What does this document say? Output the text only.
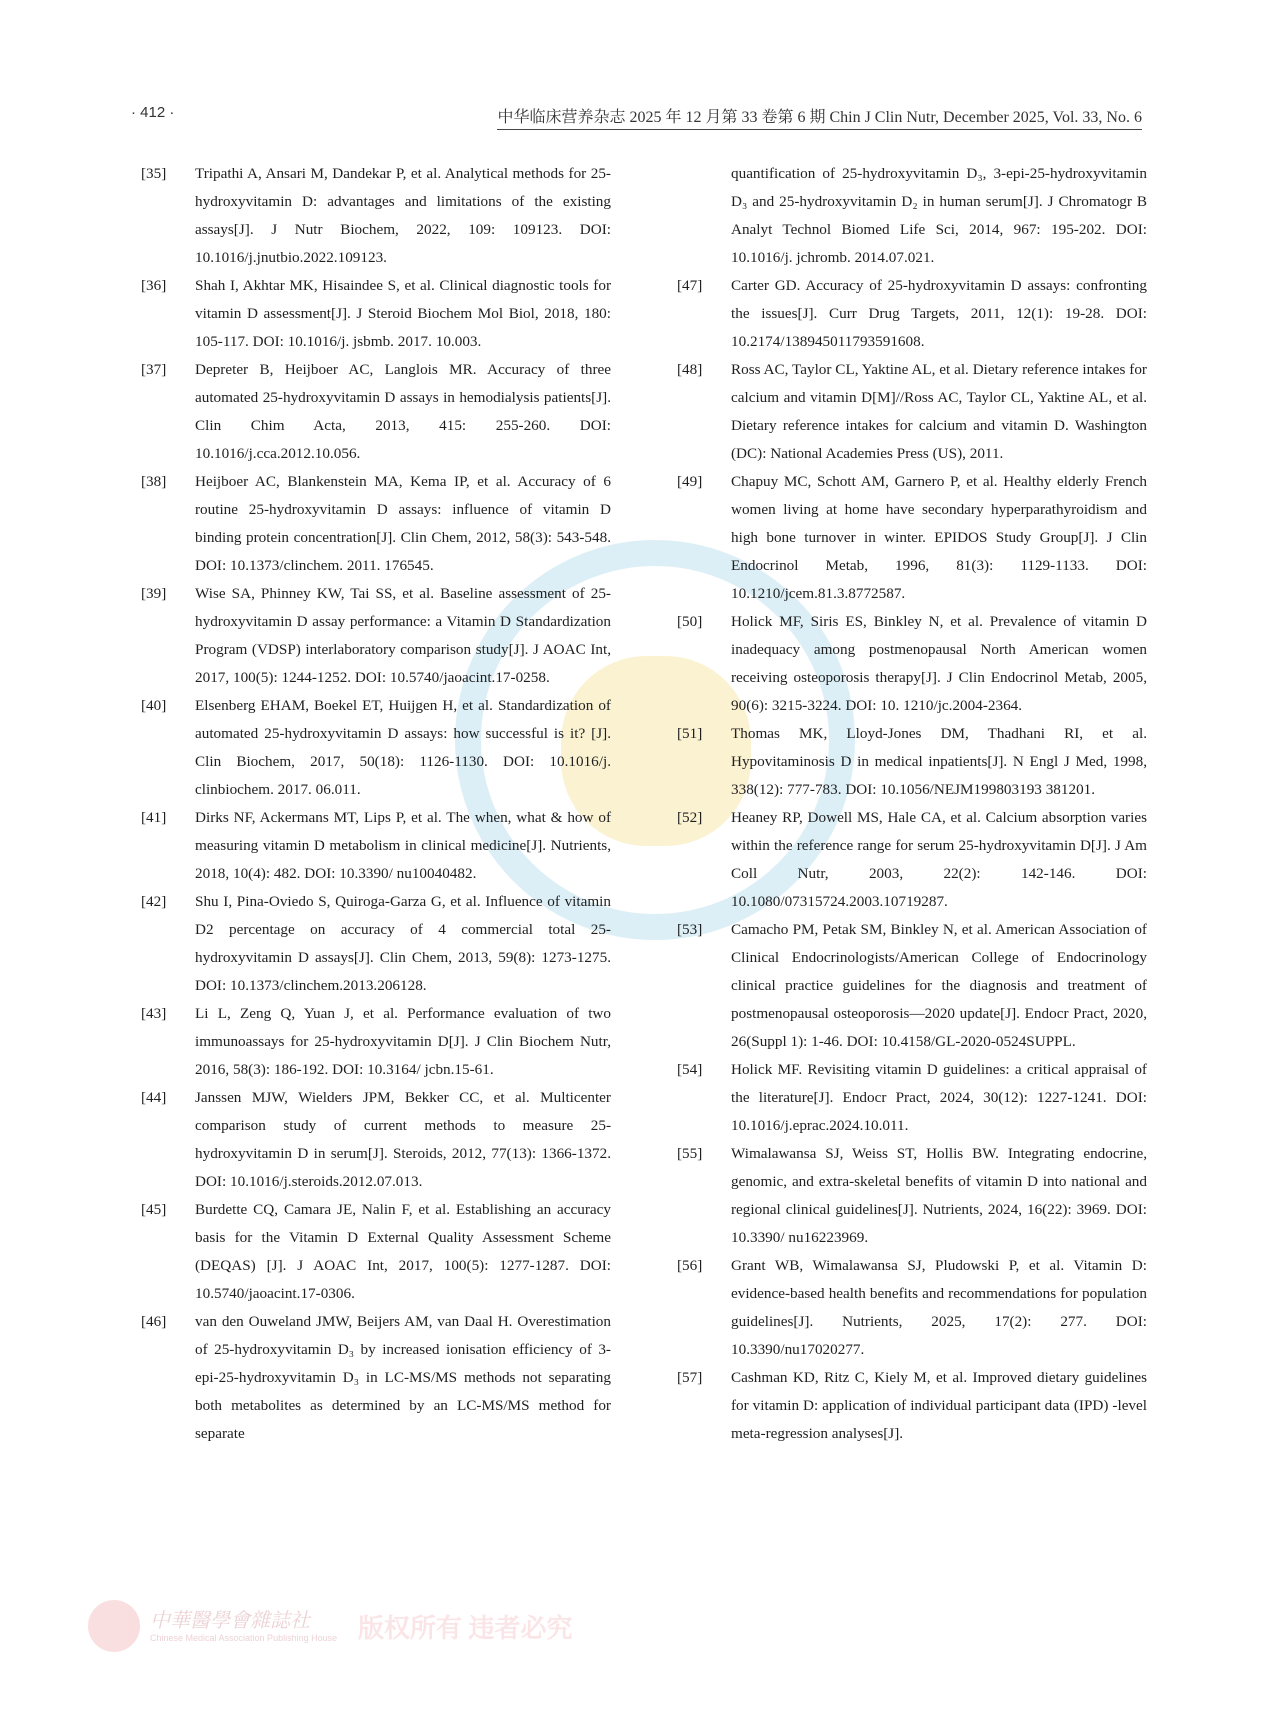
· 412 ·	中华临床营养杂志 2025 年 12 月第 33 卷第 6 期 Chin J Clin Nutr, December 2025, Vol. 33, No. 6
[35]	Tripathi A, Ansari M, Dandekar P, et al. Analytical methods for 25-hydroxyvitamin D: advantages and limitations of the existing assays[J]. J Nutr Biochem, 2022, 109: 109123. DOI: 10.1016/j.jnutbio.2022.109123.
[36]	Shah I, Akhtar MK, Hisaindee S, et al. Clinical diagnostic tools for vitamin D assessment[J]. J Steroid Biochem Mol Biol, 2018, 180: 105-117. DOI: 10.1016/j. jsbmb. 2017. 10.003.
[37]	Depreter B, Heijboer AC, Langlois MR. Accuracy of three automated 25-hydroxyvitamin D assays in hemodialysis patients[J]. Clin Chim Acta, 2013, 415: 255-260. DOI: 10.1016/j.cca.2012.10.056.
[38]	Heijboer AC, Blankenstein MA, Kema IP, et al. Accuracy of 6 routine 25-hydroxyvitamin D assays: influence of vitamin D binding protein concentration[J]. Clin Chem, 2012, 58(3): 543-548. DOI: 10.1373/clinchem. 2011. 176545.
[39]	Wise SA, Phinney KW, Tai SS, et al. Baseline assessment of 25-hydroxyvitamin D assay performance: a Vitamin D Standardization Program (VDSP) interlaboratory comparison study[J]. J AOAC Int, 2017, 100(5): 1244-1252. DOI: 10.5740/jaoacint.17-0258.
[40]	Elsenberg EHAM, Boekel ET, Huijgen H, et al. Standardization of automated 25-hydroxyvitamin D assays: how successful is it? [J]. Clin Biochem, 2017, 50(18): 1126-1130. DOI: 10.1016/j. clinbiochem. 2017. 06.011.
[41]	Dirks NF, Ackermans MT, Lips P, et al. The when, what & how of measuring vitamin D metabolism in clinical medicine[J]. Nutrients, 2018, 10(4): 482. DOI: 10.3390/ nu10040482.
[42]	Shu I, Pina-Oviedo S, Quiroga-Garza G, et al. Influence of vitamin D2 percentage on accuracy of 4 commercial total 25-hydroxyvitamin D assays[J]. Clin Chem, 2013, 59(8): 1273-1275. DOI: 10.1373/clinchem.2013.206128.
[43]	Li L, Zeng Q, Yuan J, et al. Performance evaluation of two immunoassays for 25-hydroxyvitamin D[J]. J Clin Biochem Nutr, 2016, 58(3): 186-192. DOI: 10.3164/ jcbn.15-61.
[44]	Janssen MJW, Wielders JPM, Bekker CC, et al. Multicenter comparison study of current methods to measure 25-hydroxyvitamin D in serum[J]. Steroids, 2012, 77(13): 1366-1372. DOI: 10.1016/j.steroids.2012.07.013.
[45]	Burdette CQ, Camara JE, Nalin F, et al. Establishing an accuracy basis for the Vitamin D External Quality Assessment Scheme (DEQAS) [J]. J AOAC Int, 2017, 100(5): 1277-1287. DOI: 10.5740/jaoacint.17-0306.
[46]	van den Ouweland JMW, Beijers AM, van Daal H. Overestimation of 25-hydroxyvitamin D₃ by increased ionisation efficiency of 3-epi-25-hydroxyvitamin D₃ in LC-MS/MS methods not separating both metabolites as determined by an LC-MS/MS method for separate
quantification of 25-hydroxyvitamin D₃, 3-epi-25-hydroxyvitamin D₃ and 25-hydroxyvitamin D₂ in human serum[J]. J Chromatogr B Analyt Technol Biomed Life Sci, 2014, 967: 195-202. DOI: 10.1016/j. jchromb. 2014.07.021.
[47]	Carter GD. Accuracy of 25-hydroxyvitamin D assays: confronting the issues[J]. Curr Drug Targets, 2011, 12(1): 19-28. DOI: 10.2174/138945011793591608.
[48]	Ross AC, Taylor CL, Yaktine AL, et al. Dietary reference intakes for calcium and vitamin D[M]//Ross AC, Taylor CL, Yaktine AL, et al. Dietary reference intakes for calcium and vitamin D. Washington (DC): National Academies Press (US), 2011.
[49]	Chapuy MC, Schott AM, Garnero P, et al. Healthy elderly French women living at home have secondary hyperparathyroidism and high bone turnover in winter. EPIDOS Study Group[J]. J Clin Endocrinol Metab, 1996, 81(3): 1129-1133. DOI: 10.1210/jcem.81.3.8772587.
[50]	Holick MF, Siris ES, Binkley N, et al. Prevalence of vitamin D inadequacy among postmenopausal North American women receiving osteoporosis therapy[J]. J Clin Endocrinol Metab, 2005, 90(6): 3215-3224. DOI: 10. 1210/jc.2004-2364.
[51]	Thomas MK, Lloyd-Jones DM, Thadhani RI, et al. Hypovitaminosis D in medical inpatients[J]. N Engl J Med, 1998, 338(12): 777-783. DOI: 10.1056/NEJM199803193 381201.
[52]	Heaney RP, Dowell MS, Hale CA, et al. Calcium absorption varies within the reference range for serum 25-hydroxyvitamin D[J]. J Am Coll Nutr, 2003, 22(2): 142-146. DOI: 10.1080/07315724.2003.10719287.
[53]	Camacho PM, Petak SM, Binkley N, et al. American Association of Clinical Endocrinologists/American College of Endocrinology clinical practice guidelines for the diagnosis and treatment of postmenopausal osteoporosis—2020 update[J]. Endocr Pract, 2020, 26(Suppl 1): 1-46. DOI: 10.4158/GL-2020-0524SUPPL.
[54]	Holick MF. Revisiting vitamin D guidelines: a critical appraisal of the literature[J]. Endocr Pract, 2024, 30(12): 1227-1241. DOI: 10.1016/j.eprac.2024.10.011.
[55]	Wimalawansa SJ, Weiss ST, Hollis BW. Integrating endocrine, genomic, and extra-skeletal benefits of vitamin D into national and regional clinical guidelines[J]. Nutrients, 2024, 16(22): 3969. DOI: 10.3390/ nu16223969.
[56]	Grant WB, Wimalawansa SJ, Pludowski P, et al. Vitamin D: evidence-based health benefits and recommendations for population guidelines[J]. Nutrients, 2025, 17(2): 277. DOI: 10.3390/nu17020277.
[57]	Cashman KD, Ritz C, Kiely M, et al. Improved dietary guidelines for vitamin D: application of individual participant data (IPD) -level meta-regression analyses[J].
中華醫學會雜誌社
Chinese Medical Association Publishing House 版权所有 违者必究
